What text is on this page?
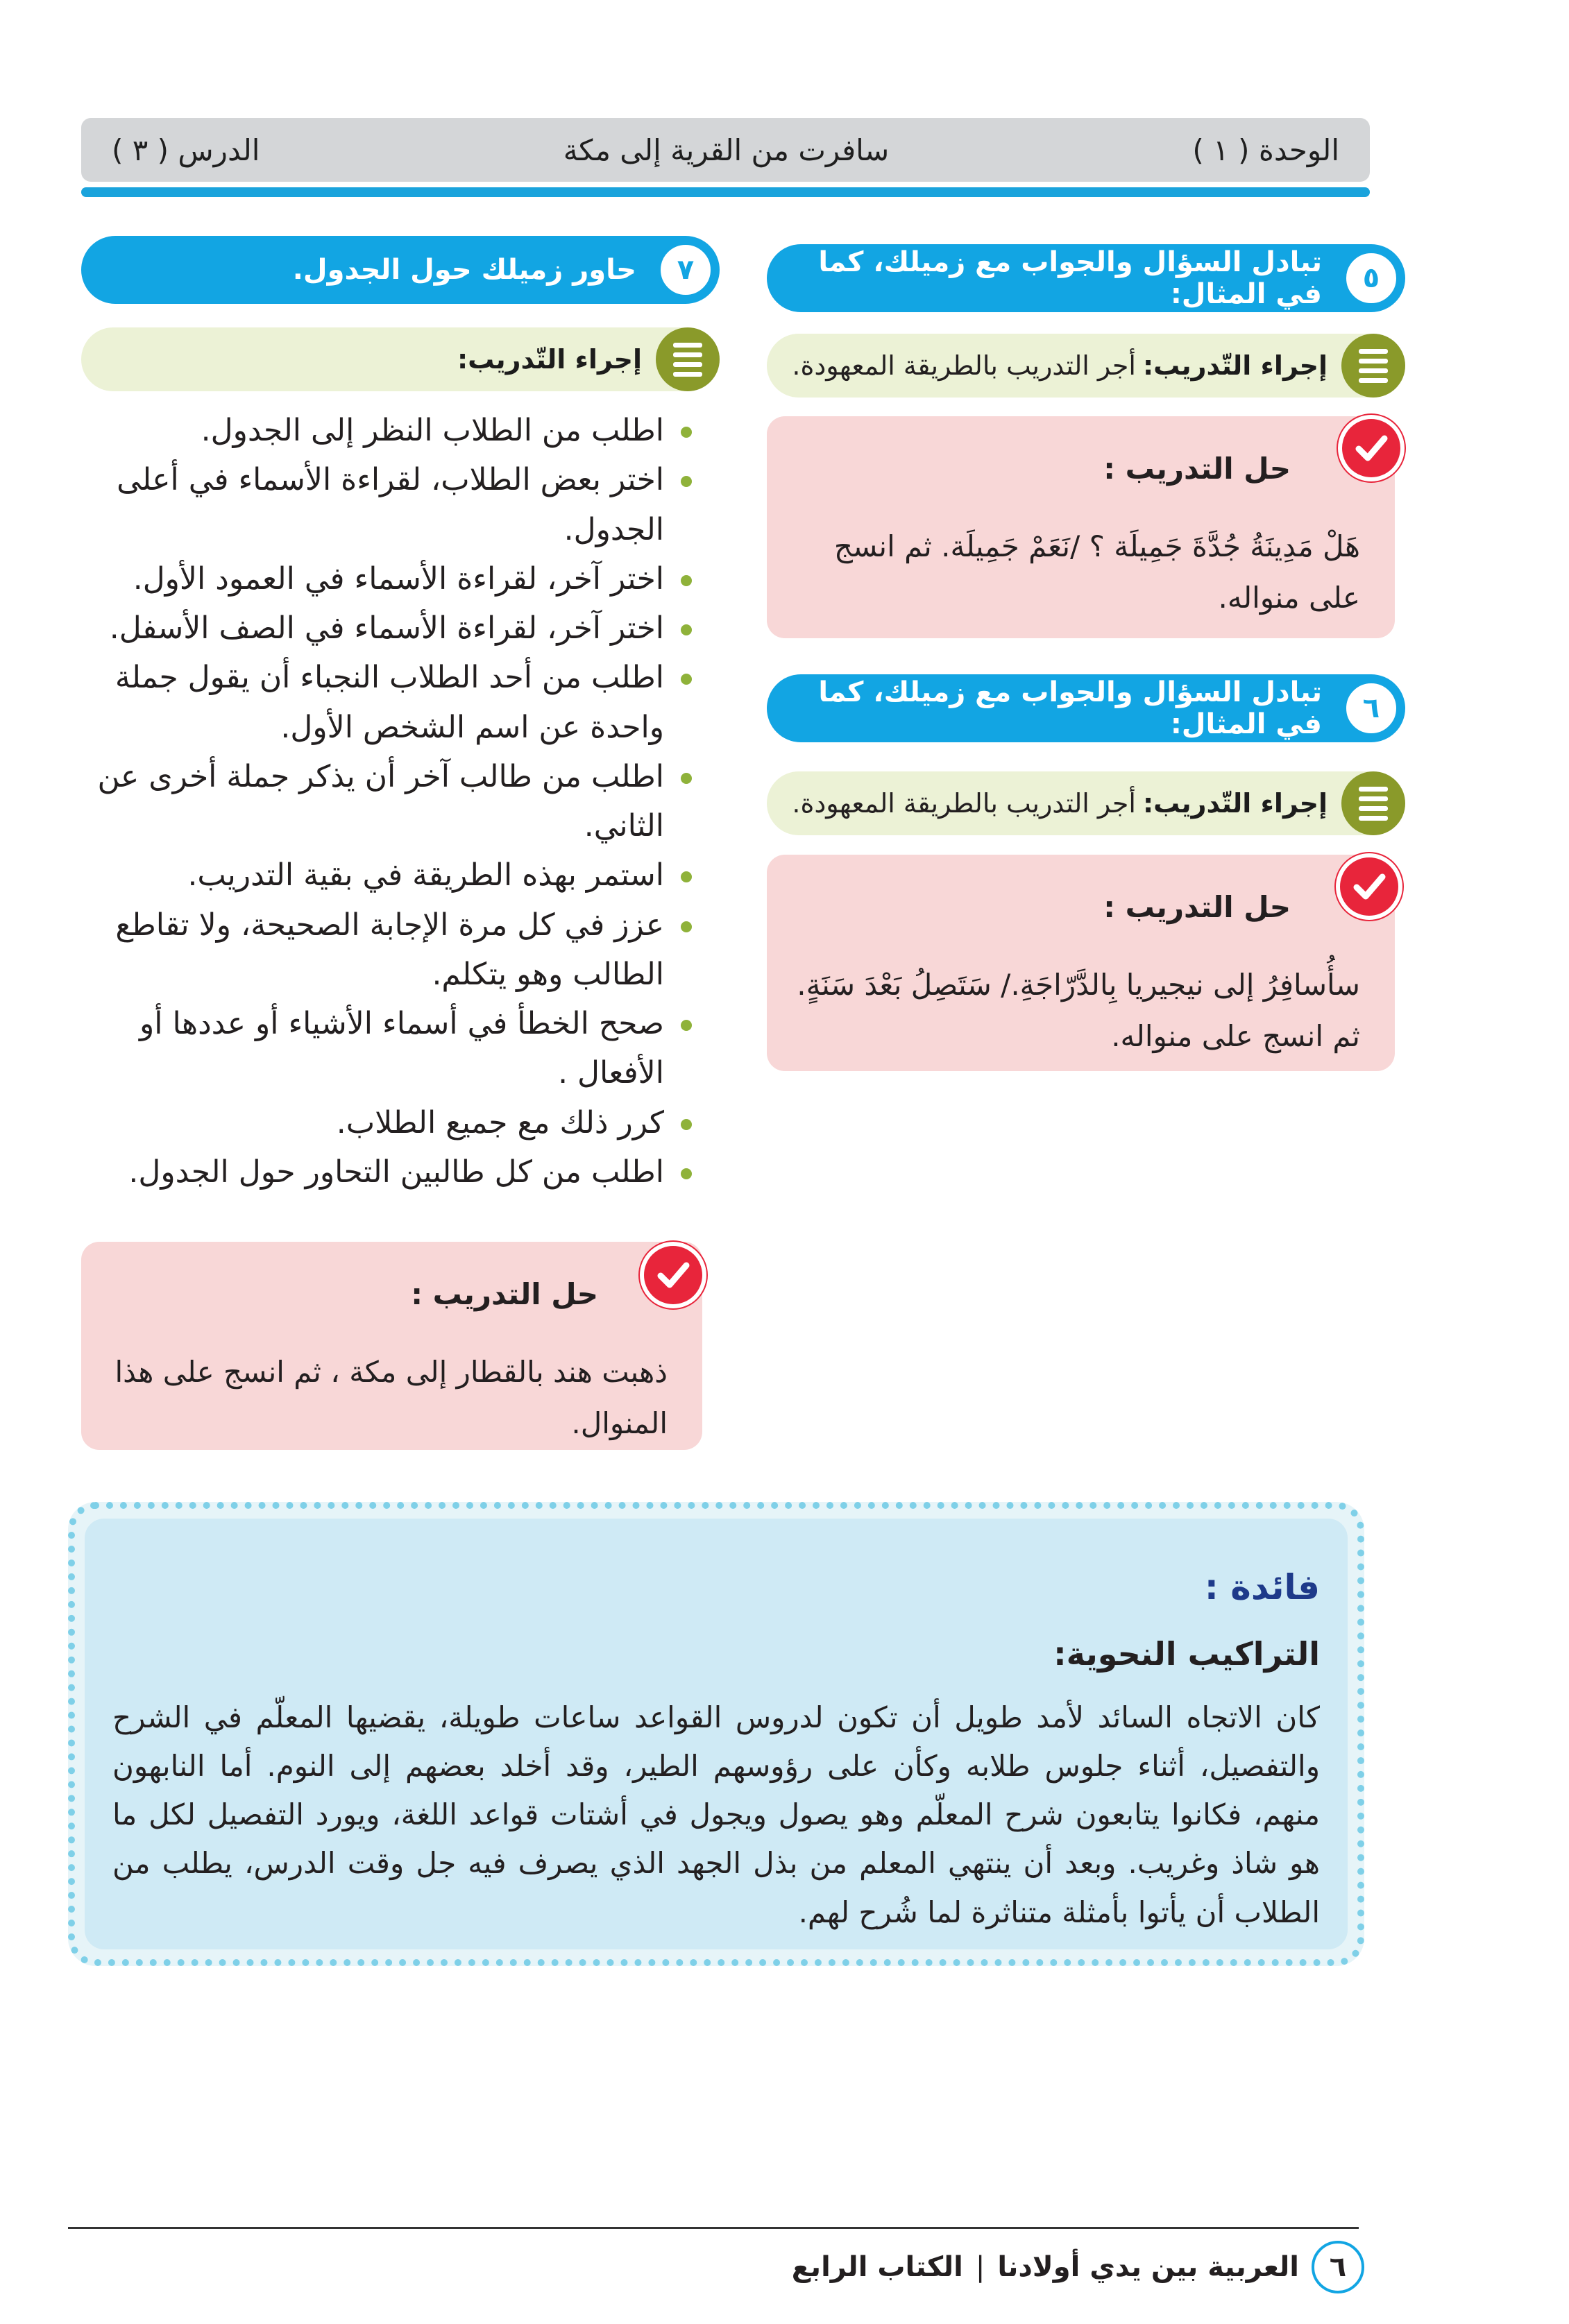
الوحدة ( ١ )
سافرت من القرية إلى مكة
الدرس ( ٣ )
٥
تبادل السؤال والجواب مع زميلك، كما في المثال:
إجراء التّدريب:
أجر التدريب بالطريقة المعهودة.
حل التدريب :
هَلْ مَدِينَةُ جُدَّةَ جَمِيلَة ؟ /نَعَمْ جَمِيلَة. ثم انسج على منواله.
٦
تبادل السؤال والجواب مع زميلك، كما في المثال:
إجراء التّدريب:
أجر التدريب بالطريقة المعهودة.
حل التدريب :
سأُسافِرُ إلى نيجيريا بِالدَّرّاجَةِ./ سَتَصِلُ بَعْدَ سَنَةٍ. ثم انسج على منواله.
٧
حاور زميلك حول الجدول.
إجراء التّدريب:
اطلب من الطلاب النظر إلى الجدول.
اختر بعض الطلاب، لقراءة الأسماء في أعلى الجدول.
اختر آخر، لقراءة الأسماء في العمود الأول.
اختر آخر، لقراءة الأسماء في الصف الأسفل.
اطلب من أحد الطلاب النجباء أن يقول جملة واحدة عن اسم الشخص الأول.
اطلب من طالب آخر أن يذكر جملة أخرى عن الثاني.
استمر بهذه الطريقة في بقية التدريب.
عزز في كل مرة الإجابة الصحيحة، ولا تقاطع الطالب وهو يتكلم.
صحح الخطأ في أسماء الأشياء أو عددها أو الأفعال .
كرر ذلك مع جميع الطلاب.
اطلب من كل طالبين التحاور حول الجدول.
حل التدريب :
ذهبت هند بالقطار إلى مكة ، ثم انسج على هذا المنوال.
فائدة :
التراكيب النحوية:
كان الاتجاه السائد لأمد طويل أن تكون لدروس القواعد ساعات طويلة، يقضيها المعلّم في الشرح والتفصيل، أثناء جلوس طلابه وكأن على رؤوسهم الطير، وقد أخلد بعضهم إلى النوم. أما النابهون منهم، فكانوا يتابعون شرح المعلّم وهو يصول ويجول في أشتات قواعد اللغة، ويورد التفصيل لكل ما هو شاذ وغريب. وبعد أن ينتهي المعلم من بذل الجهد الذي يصرف فيه جل وقت الدرس، يطلب من الطلاب أن يأتوا بأمثلة متناثرة لما شُرح لهم.
٦
العربية بين يدي أولادنا
|
الكتاب الرابع
